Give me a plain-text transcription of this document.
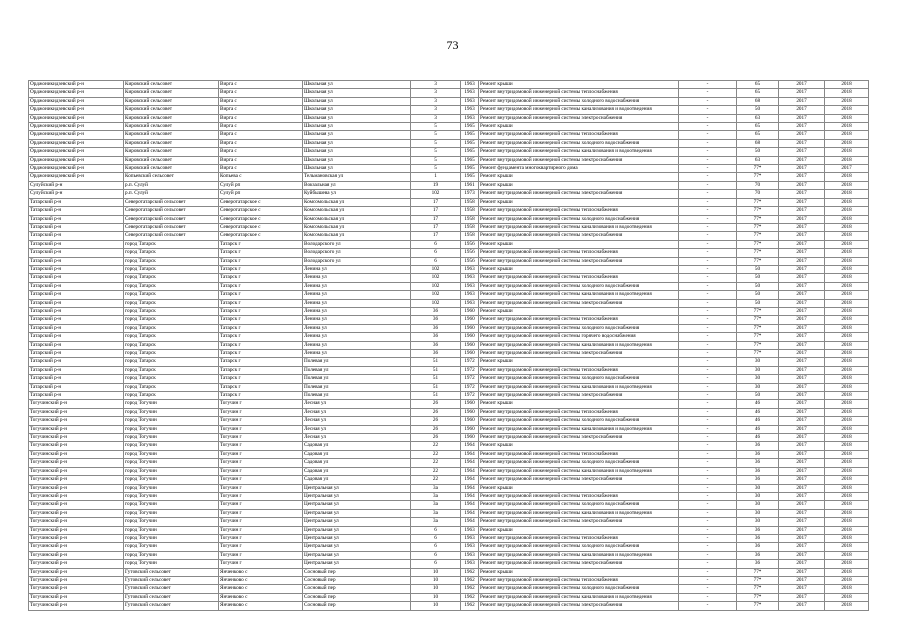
73
Орджоникидзевский р-н	Кировский сельсовет	Вирга с	Школьная ул	3	1963	Ремонт крыши	-	65	2017	2018
Орджоникидзевский р-н	Кировский сельсовет	Вирга с	Школьная ул	3	1963	Ремонт внутридомовой инженерной системы теплоснабжения	-	65	2017	2018
Орджоникидзевский р-н	Кировский сельсовет	Вирга с	Школьная ул	3	1963	Ремонт внутридомовой инженерной системы холодного водоснабжения	-	68	2017	2018
Орджоникидзевский р-н	Кировский сельсовет	Вирга с	Школьная ул	3	1963	Ремонт внутридомовой инженерной системы канализования и водоотведения	-	50	2017	2018
Орджоникидзевский р-н	Кировский сельсовет	Вирга с	Школьная ул	3	1963	Ремонт внутридомовой инженерной системы электроснабжения	-	63	2017	2018
Орджоникидзевский р-н	Кировский сельсовет	Вирга с	Школьная ул	5	1965	Ремонт крыши	-	65	2017	2018
Орджоникидзевский р-н	Кировский сельсовет	Вирга с	Школьная ул	5	1965	Ремонт внутридомовой инженерной системы теплоснабжения	-	65	2017	2018
Орджоникидзевский р-н	Кировский сельсовет	Вирга с	Школьная ул	5	1965	Ремонт внутридомовой инженерной системы холодного водоснабжения	-	68	2017	2018
Орджоникидзевский р-н	Кировский сельсовет	Вирга с	Школьная ул	5	1965	Ремонт внутридомовой инженерной системы канализования и водоотведения	-	50	2017	2018
Орджоникидзевский р-н	Кировский сельсовет	Вирга с	Школьная ул	5	1965	Ремонт внутридомовой инженерной системы электроснабжения	-	63	2017	2018
Орджоникидзевский р-н	Кировский сельсовет	Вирга с	Школьная ул	5	1965	Ремонт фундамента многоквартирного дома	-	77*	2017	2017
Орджоникидзевский р-н	Копьевский сельсовет	Копьева с	Тельмановская ул	1	1965	Ремонт крыши	-	77*	2017	2018
Сулуйский р-н	р.п. Сулуй	Сулуй рп	Вокзальная ул	19	1961	Ремонт крыши	-	70	2017	2018
Сулуйский р-н	р.п. Сулуй	Сулуй рп	Куйбышева ул	102	1973	Ремонт внутридомовой инженерной системы электроснабжения	-	70	2017	2018
Татарский р-н	Северотатарский сельсовет	Северотатарское с	Комсомольская ул	17	1958	Ремонт крыши	-	77*	2017	2018
Татарский р-н	Северотатарский сельсовет	Северотатарское с	Комсомольская ул	17	1958	Ремонт внутридомовой инженерной системы теплоснабжения	-	77*	2017	2018
Татарский р-н	Северотатарский сельсовет	Северотатарское с	Комсомольская ул	17	1958	Ремонт внутридомовой инженерной системы холодного водоснабжения	-	77*	2017	2018
Татарский р-н	Северотатарский сельсовет	Северотатарское с	Комсомольская ул	17	1958	Ремонт внутридомовой инженерной системы канализования и водоотведения	-	77*	2017	2018
Татарский р-н	Северотатарский сельсовет	Северотатарское с	Комсомольская ул	17	1958	Ремонт внутридомовой инженерной системы электроснабжения	-	77*	2017	2018
Татарский р-н	город Татарск	Татарск г	Володарского ул	6	1956	Ремонт крыши	-	77*	2017	2018
Татарский р-н	город Татарск	Татарск г	Володарского ул	6	1956	Ремонт внутридомовой инженерной системы теплоснабжения	-	77*	2017	2018
Татарский р-н	город Татарск	Татарск г	Володарского ул	6	1956	Ремонт внутридомовой инженерной системы электроснабжения	-	77*	2017	2018
Татарский р-н	город Татарск	Татарск г	Ленина ул	102	1963	Ремонт крыши	-	50	2017	2018
Татарский р-н	город Татарск	Татарск г	Ленина ул	102	1963	Ремонт внутридомовой инженерной системы теплоснабжения	-	50	2017	2018
Татарский р-н	город Татарск	Татарск г	Ленина ул	102	1963	Ремонт внутридомовой инженерной системы холодного водоснабжения	-	50	2017	2018
Татарский р-н	город Татарск	Татарск г	Ленина ул	102	1963	Ремонт внутридомовой инженерной системы канализования и водоотведения	-	50	2017	2018
Татарский р-н	город Татарск	Татарск г	Ленина ул	102	1963	Ремонт внутридомовой инженерной системы электроснабжения	-	50	2017	2018
Татарский р-н	город Татарск	Татарск г	Ленина ул	36	1960	Ремонт крыши	-	77*	2017	2018
Татарский р-н	город Татарск	Татарск г	Ленина ул	36	1960	Ремонт внутридомовой инженерной системы теплоснабжения	-	77*	2017	2018
Татарский р-н	город Татарск	Татарск г	Ленина ул	36	1960	Ремонт внутридомовой инженерной системы холодного водоснабжения	-	77*	2017	2018
Татарский р-н	город Татарск	Татарск г	Ленина ул	36	1960	Ремонт внутридомовой инженерной системы горячего водоснабжения	-	77*	2017	2018
Татарский р-н	город Татарск	Татарск г	Ленина ул	36	1960	Ремонт внутридомовой инженерной системы канализования и водоотведения	-	77*	2017	2018
Татарский р-н	город Татарск	Татарск г	Ленина ул	36	1960	Ремонт внутридомовой инженерной системы электроснабжения	-	77*	2017	2018
Татарский р-н	город Татарск	Татарск г	Полевая ул	51	1972	Ремонт крыши	-	30	2017	2018
Татарский р-н	город Татарск	Татарск г	Полевая ул	51	1972	Ремонт внутридомовой инженерной системы теплоснабжения	-	30	2017	2018
Татарский р-н	город Татарск	Татарск г	Полевая ул	51	1972	Ремонт внутридомовой инженерной системы холодного водоснабжения	-	30	2017	2018
Татарский р-н	город Татарск	Татарск г	Полевая ул	51	1972	Ремонт внутридомовой инженерной системы канализования и водоотведения	-	30	2017	2018
Татарский р-н	город Татарск	Татарск г	Полевая ул	51	1972	Ремонт внутридомовой инженерной системы электроснабжения	-	50	2017	2018
Тогучинский р-н	город Тогучин	Тогучин г	Лесная ул	26	1960	Ремонт крыши	-	46	2017	2018
Тогучинский р-н	город Тогучин	Тогучин г	Лесная ул	26	1960	Ремонт внутридомовой инженерной системы теплоснабжения	-	46	2017	2018
Тогучинский р-н	город Тогучин	Тогучин г	Лесная ул	26	1960	Ремонт внутридомовой инженерной системы холодного водоснабжения	-	46	2017	2018
Тогучинский р-н	город Тогучин	Тогучин г	Лесная ул	26	1960	Ремонт внутридомовой инженерной системы канализования и водоотведения	-	46	2017	2018
Тогучинский р-н	город Тогучин	Тогучин г	Лесная ул	26	1960	Ремонт внутридомовой инженерной системы электроснабжения	-	46	2017	2018
Тогучинский р-н	город Тогучин	Тогучин г	Садовая ул	22	1964	Ремонт крыши	-	36	2017	2018
Тогучинский р-н	город Тогучин	Тогучин г	Садовая ул	22	1964	Ремонт внутридомовой инженерной системы теплоснабжения	-	36	2017	2018
Тогучинский р-н	город Тогучин	Тогучин г	Садовая ул	22	1964	Ремонт внутридомовой инженерной системы холодного водоснабжения	-	36	2017	2018
Тогучинский р-н	город Тогучин	Тогучин г	Садовая ул	22	1964	Ремонт внутридомовой инженерной системы канализования и водоотведения	-	36	2017	2018
Тогучинский р-н	город Тогучин	Тогучин г	Садовая ул	22	1964	Ремонт внутридомовой инженерной системы электроснабжения	-	36	2017	2018
Тогучинский р-н	город Тогучин	Тогучин г	Центральная ул	3а	1964	Ремонт крыши	-	30	2017	2018
Тогучинский р-н	город Тогучин	Тогучин г	Центральная ул	3а	1964	Ремонт внутридомовой инженерной системы теплоснабжения	-	30	2017	2018
Тогучинский р-н	город Тогучин	Тогучин г	Центральная ул	3а	1964	Ремонт внутридомовой инженерной системы холодного водоснабжения	-	30	2017	2018
Тогучинский р-н	город Тогучин	Тогучин г	Центральная ул	3а	1964	Ремонт внутридомовой инженерной системы канализования и водоотведения	-	30	2017	2018
Тогучинский р-н	город Тогучин	Тогучин г	Центральная ул	3а	1964	Ремонт внутридомовой инженерной системы электроснабжения	-	30	2017	2018
Тогучинский р-н	город Тогучин	Тогучин г	Центральная ул	6	1963	Ремонт крыши	-	36	2017	2018
Тогучинский р-н	город Тогучин	Тогучин г	Центральная ул	6	1963	Ремонт внутридомовой инженерной системы теплоснабжения	-	36	2017	2018
Тогучинский р-н	город Тогучин	Тогучин г	Центральная ул	6	1963	Ремонт внутридомовой инженерной системы холодного водоснабжения	-	36	2017	2018
Тогучинский р-н	город Тогучин	Тогучин г	Центральная ул	6	1963	Ремонт внутридомовой инженерной системы канализования и водоотведения	-	36	2017	2018
Тогучинский р-н	город Тогучин	Тогучин г	Центральная ул	6	1963	Ремонт внутридомовой инженерной системы электроснабжения	-	36	2017	2018
Тогучинский р-н	Гутовский сельсовет	Янченково с	Сосновый пер	10	1962	Ремонт крыши	-	77*	2017	2018
Тогучинский р-н	Гутовский сельсовет	Янченково с	Сосновый пер	10	1962	Ремонт внутридомовой инженерной системы теплоснабжения	-	77*	2017	2018
Тогучинский р-н	Гутовский сельсовет	Янченково с	Сосновый пер	10	1962	Ремонт внутридомовой инженерной системы холодного водоснабжения	-	77*	2017	2018
Тогучинский р-н	Гутовский сельсовет	Янченково с	Сосновый пер	10	1962	Ремонт внутридомовой инженерной системы канализования и водоотведения	-	77*	2017	2018
Тогучинский р-н	Гутовский сельсовет	Янченково с	Сосновый пер	10	1962	Ремонт внутридомовой инженерной системы электроснабжения	-	77*	2017	2018
